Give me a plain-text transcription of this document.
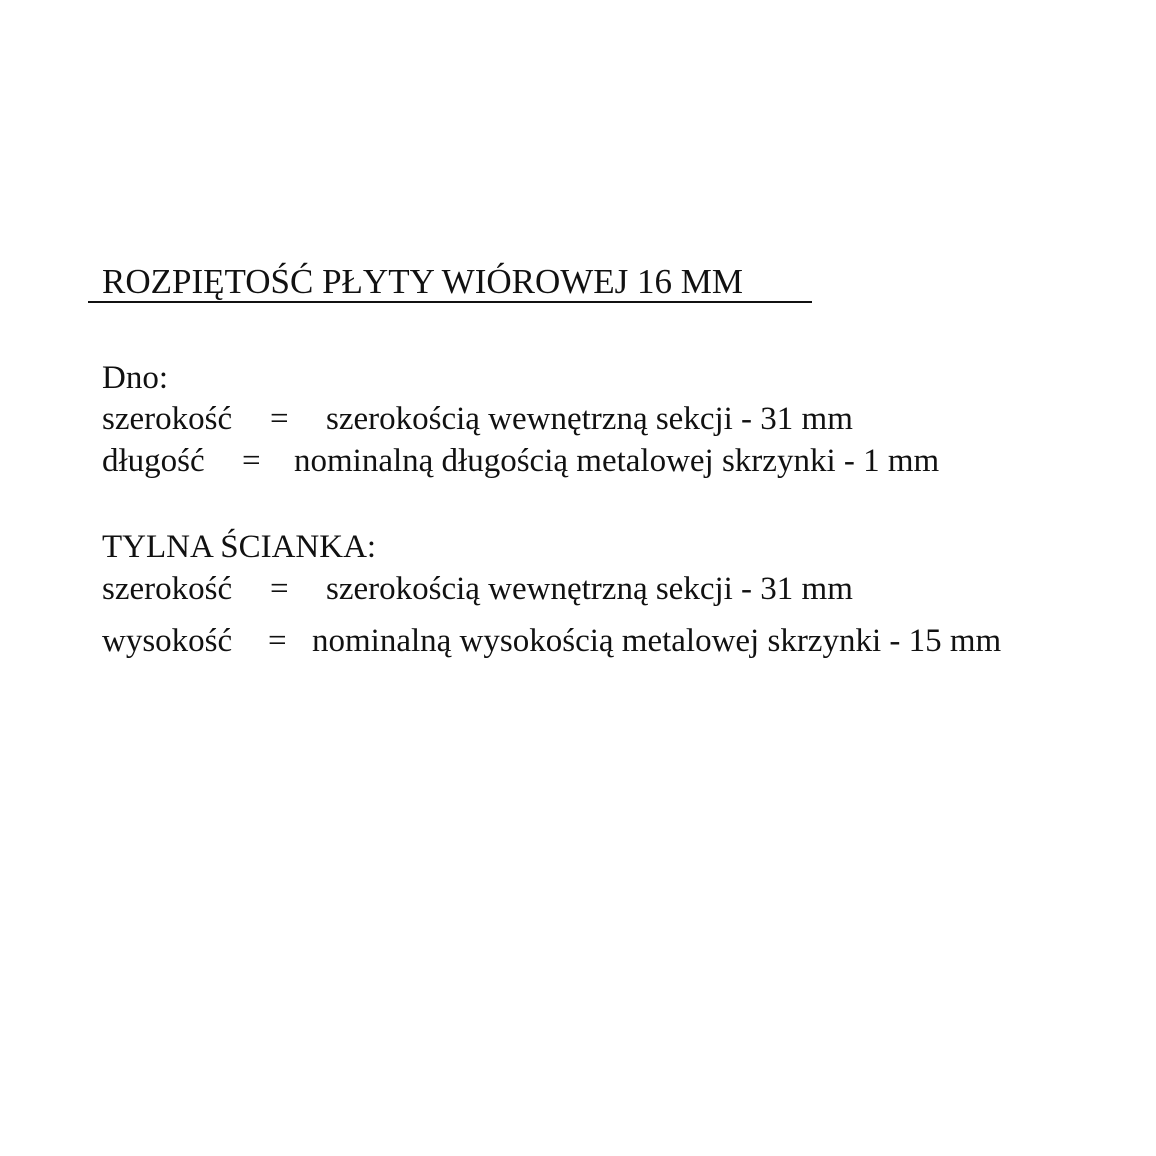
ROZPIĘTOŚĆ PŁYTY WIÓROWEJ 16 MM
Dno:
szerokość = szerokością wewnętrzną sekcji - 31 mm
długość = nominalną długością metalowej skrzynki - 1 mm
TYLNA ŚCIANKA:
szerokość = szerokością wewnętrzną sekcji - 31 mm
wysokość = nominalną wysokością metalowej skrzynki - 15 mm
